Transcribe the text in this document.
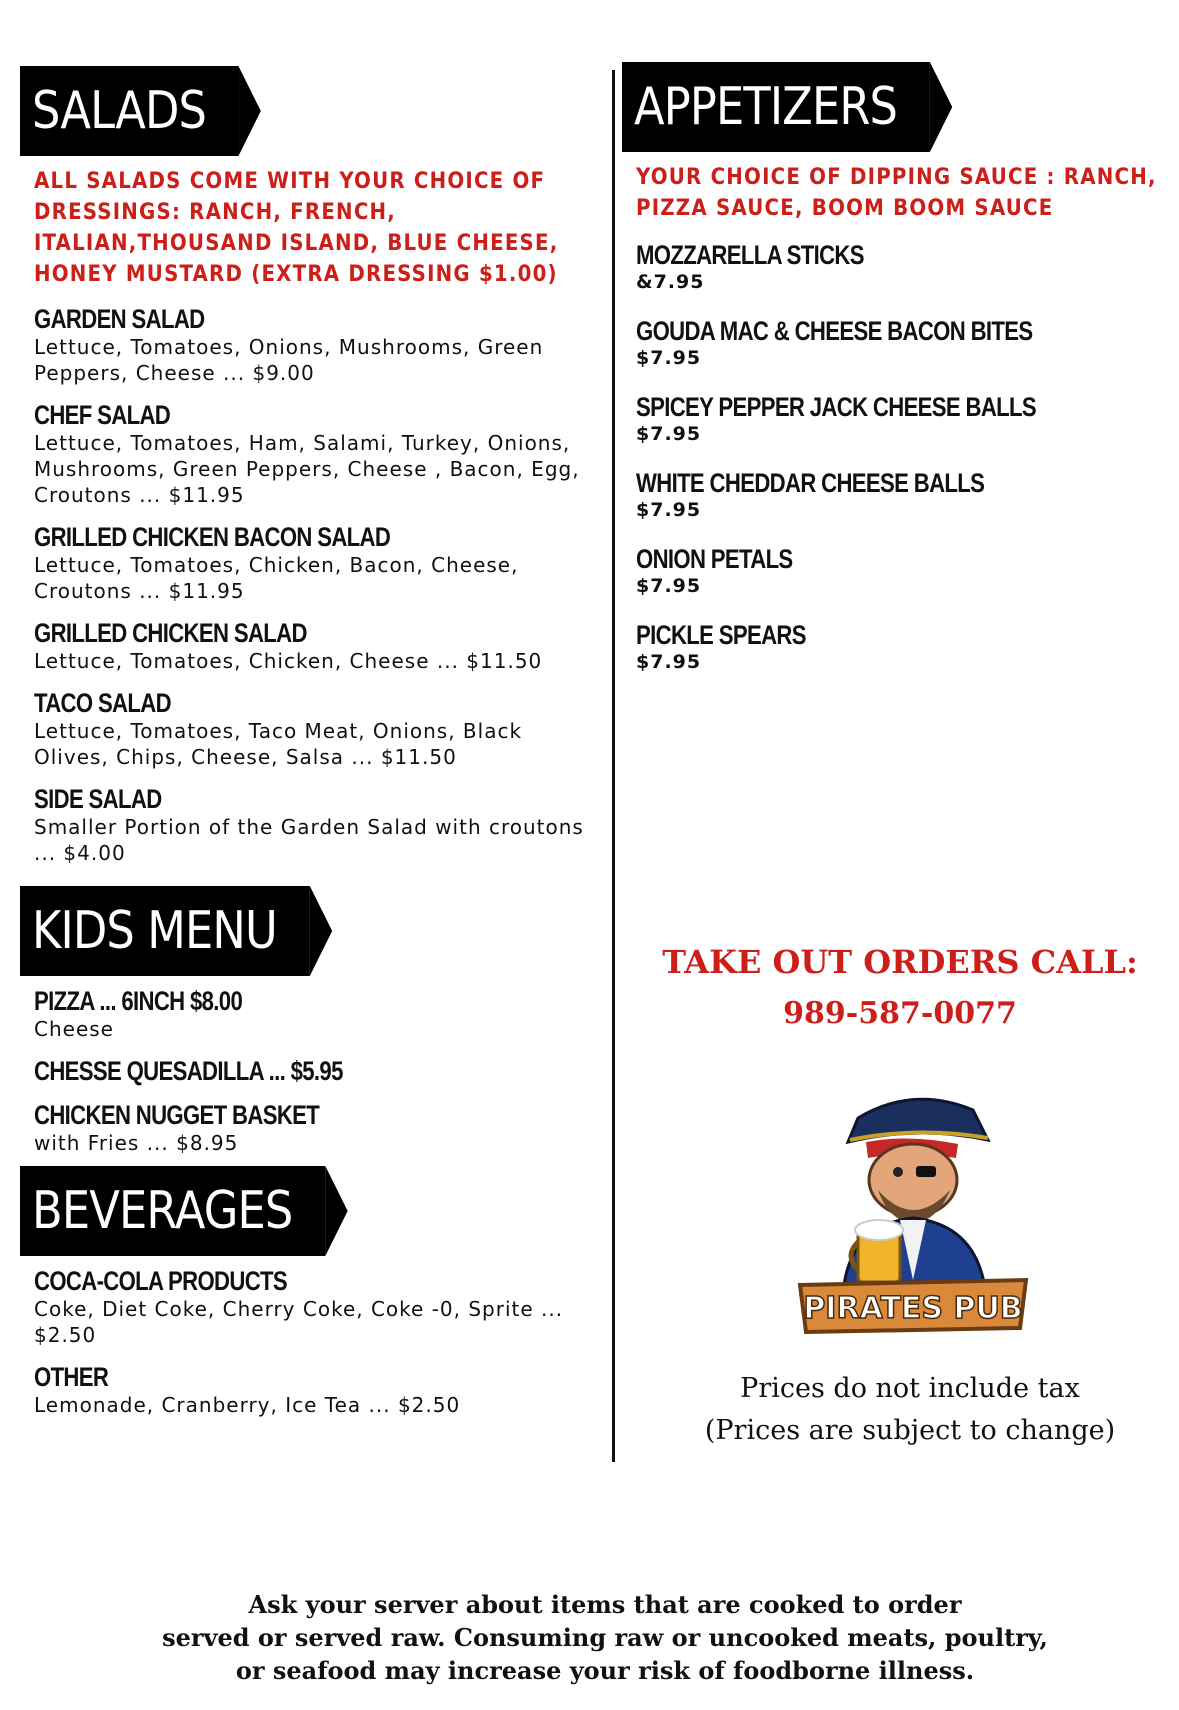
SALADS
ALL SALADS COME WITH YOUR CHOICE OF DRESSINGS: RANCH, FRENCH, ITALIAN,THOUSAND ISLAND, BLUE CHEESE, HONEY MUSTARD (EXTRA DRESSING $1.00)
GARDEN SALAD
Lettuce, Tomatoes, Onions, Mushrooms, Green Peppers, Cheese ... $9.00
CHEF SALAD
Lettuce, Tomatoes, Ham, Salami, Turkey, Onions, Mushrooms, Green Peppers, Cheese , Bacon, Egg, Croutons ... $11.95
GRILLED CHICKEN BACON SALAD
Lettuce, Tomatoes, Chicken, Bacon, Cheese, Croutons ... $11.95
GRILLED CHICKEN SALAD
Lettuce, Tomatoes, Chicken, Cheese ... $11.50
TACO SALAD
Lettuce, Tomatoes, Taco Meat, Onions, Black Olives, Chips, Cheese, Salsa ... $11.50
SIDE SALAD
Smaller Portion of the Garden Salad with croutons ... $4.00
KIDS MENU
PIZZA ... 6INCH $8.00
Cheese
CHESSE QUESADILLA ... $5.95
CHICKEN NUGGET BASKET
with Fries ... $8.95
BEVERAGES
COCA-COLA PRODUCTS
Coke, Diet Coke, Cherry Coke, Coke -0, Sprite ... $2.50
OTHER
Lemonade, Cranberry, Ice Tea ... $2.50
APPETIZERS
YOUR CHOICE OF DIPPING SAUCE : RANCH, PIZZA SAUCE, BOOM BOOM SAUCE
MOZZARELLA STICKS
&7.95
GOUDA MAC & CHEESE BACON BITES
$7.95
SPICEY PEPPER JACK CHEESE BALLS
$7.95
WHITE CHEDDAR CHEESE BALLS
$7.95
ONION PETALS
$7.95
PICKLE SPEARS
$7.95
TAKE OUT ORDERS CALL:
989-587-0077
PIRATES PUB
Prices do not include tax
(Prices are subject to change)
Ask your server about items that are cooked to order
served or served raw. Consuming raw or uncooked meats, poultry,
or seafood may increase your risk of foodborne illness.
